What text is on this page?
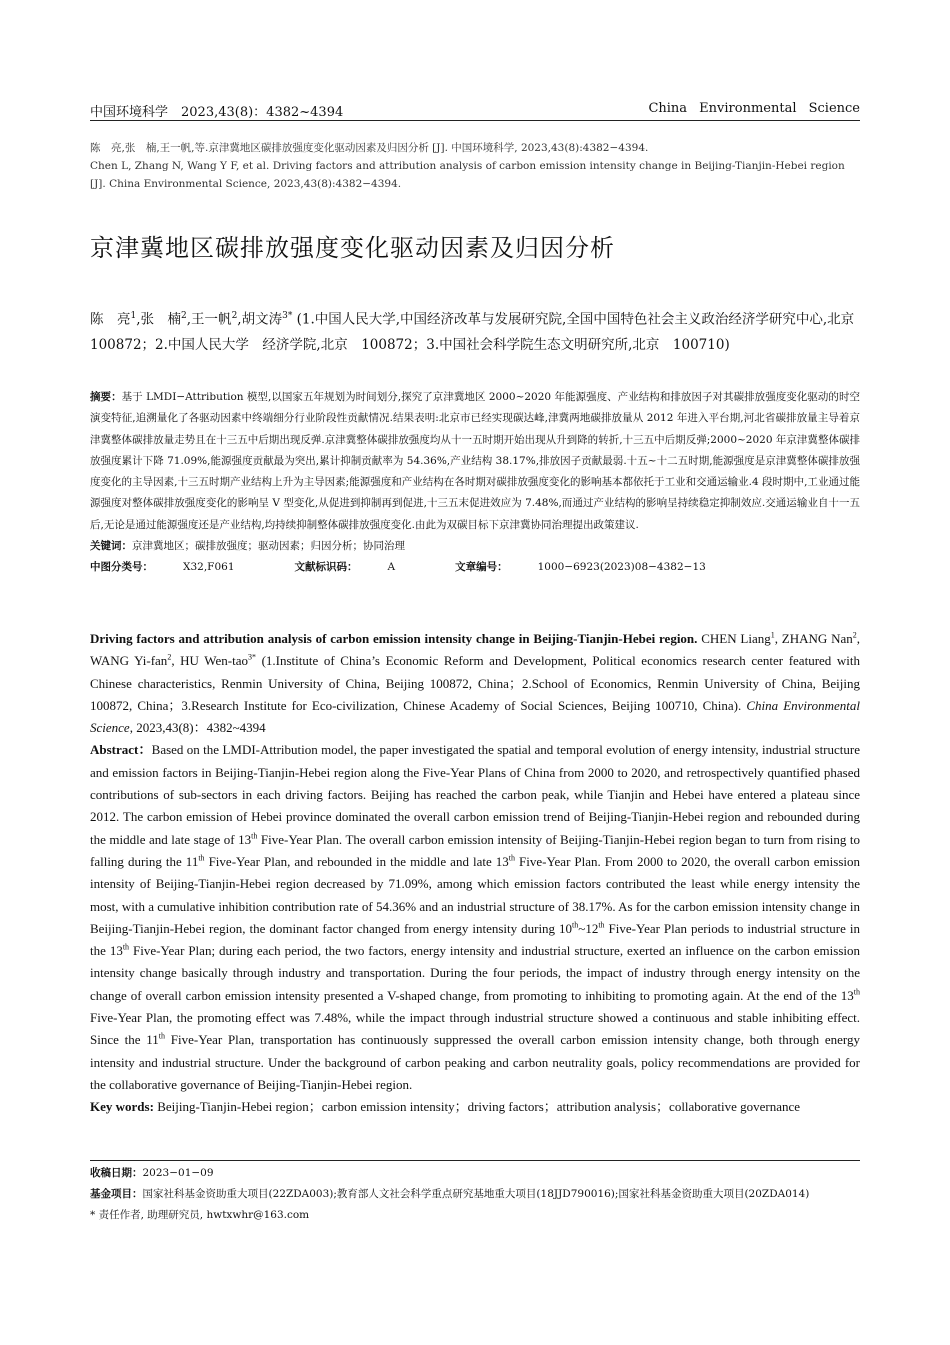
中国环境科学　2023,43(8)：4382~4394	China Environmental Science

陈　亮,张　楠,王一帆,等.京津冀地区碳排放强度变化驱动因素及归因分析 [J]. 中国环境科学, 2023,43(8):4382−4394.

Chen L, Zhang N, Wang Y F, et al. Driving factors and attribution analysis of carbon emission intensity change in Beijing-Tianjin-Hebei region [J]. China Environmental Science, 2023,43(8):4382−4394.

京津冀地区碳排放强度变化驱动因素及归因分析
陈　亮$^1$,张　楠$^2$,王一帆$^2$,胡文涛$^{3*}$ (1.中国人民大学,中国经济改革与发展研究院,全国中国特色社会主义政治经济学研究中心,北京　100872；2.中国人民大学　经济学院,北京　100872；3.中国社会科学院生态文明研究所,北京　100710)

摘要：基于 LMDI−Attribution 模型,以国家五年规划为时间划分,探究了京津冀地区 2000~2020 年能源强度、产业结构和排放因子对其碳排放强度变化驱动的时空演变特征,追溯量化了各驱动因素中终端细分行业阶段性贡献情况.结果表明:北京市已经实现碳达峰,津冀两地碳排放量从 2012 年进入平台期,河北省碳排放量主导着京津冀整体碳排放量走势且在十三五中后期出现反弹.京津冀整体碳排放强度均从十一五时期开始出现从升到降的转折,十三五中后期反弹;2000~2020 年京津冀整体碳排放强度累计下降 71.09%,能源强度贡献最为突出,累计抑制贡献率为 54.36%,产业结构 38.17%,排放因子贡献最弱.十五~十二五时期,能源强度是京津冀整体碳排放强度变化的主导因素,十三五时期产业结构上升为主导因素;能源强度和产业结构在各时期对碳排放强度变化的影响基本都依托于工业和交通运输业.4 段时期中,工业通过能源强度对整体碳排放强度变化的影响呈 V 型变化,从促进到抑制再到促进,十三五末促进效应为 7.48%,而通过产业结构的影响呈持续稳定抑制效应.交通运输业自十一五后,无论是通过能源强度还是产业结构,均持续抑制整体碳排放强度变化.由此为双碳目标下京津冀协同治理提出政策建议.

关键词：京津冀地区；碳排放强度；驱动因素；归因分析；协同治理

中图分类号：	X32,F061	文献标识码：	A	文章编号：	1000−6923(2023)08−4382−13

Driving factors and attribution analysis of carbon emission intensity change in Beijing-Tianjin-Hebei region. CHEN Liang$^1$, ZHANG Nan$^2$, WANG Yi-fan$^2$, HU Wen-tao$^{3*}$ (1.Institute of China’s Economic Reform and Development, Political economics research center featured with Chinese characteristics, Renmin University of China, Beijing 100872, China；2.School of Economics, Renmin University of China, Beijing 100872, China；3.Research Institute for Eco-civilization, Chinese Academy of Social Sciences, Beijing 100710, China). China Environmental Science, 2023,43(8)：4382~4394

Abstract：Based on the LMDI-Attribution model, the paper investigated the spatial and temporal evolution of energy intensity, industrial structure and emission factors in Beijing-Tianjin-Hebei region along the Five-Year Plans of China from 2000 to 2020, and retrospectively quantified phased contributions of sub-sectors in each driving factors. Beijing has reached the carbon peak, while Tianjin and Hebei have entered a plateau since 2012. The carbon emission of Hebei province dominated the overall carbon emission trend of Beijing-Tianjin-Hebei region and rebounded during the middle and late stage of 13th Five-Year Plan. The overall carbon emission intensity of Beijing-Tianjin-Hebei region began to turn from rising to falling during the 11th Five-Year Plan, and rebounded in the middle and late 13th Five-Year Plan. From 2000 to 2020, the overall carbon emission intensity of Beijing-Tianjin-Hebei region decreased by 71.09%, among which emission factors contributed the least while energy intensity the most, with a cumulative inhibition contribution rate of 54.36% and an industrial structure of 38.17%. As for the carbon emission intensity change in Beijing-Tianjin-Hebei region, the dominant factor changed from energy intensity during 10th~12th Five-Year Plan periods to industrial structure in the 13th Five-Year Plan; during each period, the two factors, energy intensity and industrial structure, exerted an influence on the carbon emission intensity change basically through industry and transportation. During the four periods, the impact of industry through energy intensity on the change of overall carbon emission intensity presented a V-shaped change, from promoting to inhibiting to promoting again. At the end of the 13th Five-Year Plan, the promoting effect was 7.48%, while the impact through industrial structure showed a continuous and stable inhibiting effect. Since the 11th Five-Year Plan, transportation has continuously suppressed the overall carbon emission intensity change, both through energy intensity and industrial structure. Under the background of carbon peaking and carbon neutrality goals, policy recommendations are provided for the collaborative governance of Beijing-Tianjin-Hebei region.

Key words: Beijing-Tianjin-Hebei region；carbon emission intensity；driving factors；attribution analysis；collaborative governance

收稿日期：2023−01−09

基金项目：国家社科基金资助重大项目(22ZDA003);教育部人文社会科学重点研究基地重大项目(18JJD790016);国家社科基金资助重大项目(20ZDA014)

* 责任作者, 助理研究员, hwtxwhr@163.com
